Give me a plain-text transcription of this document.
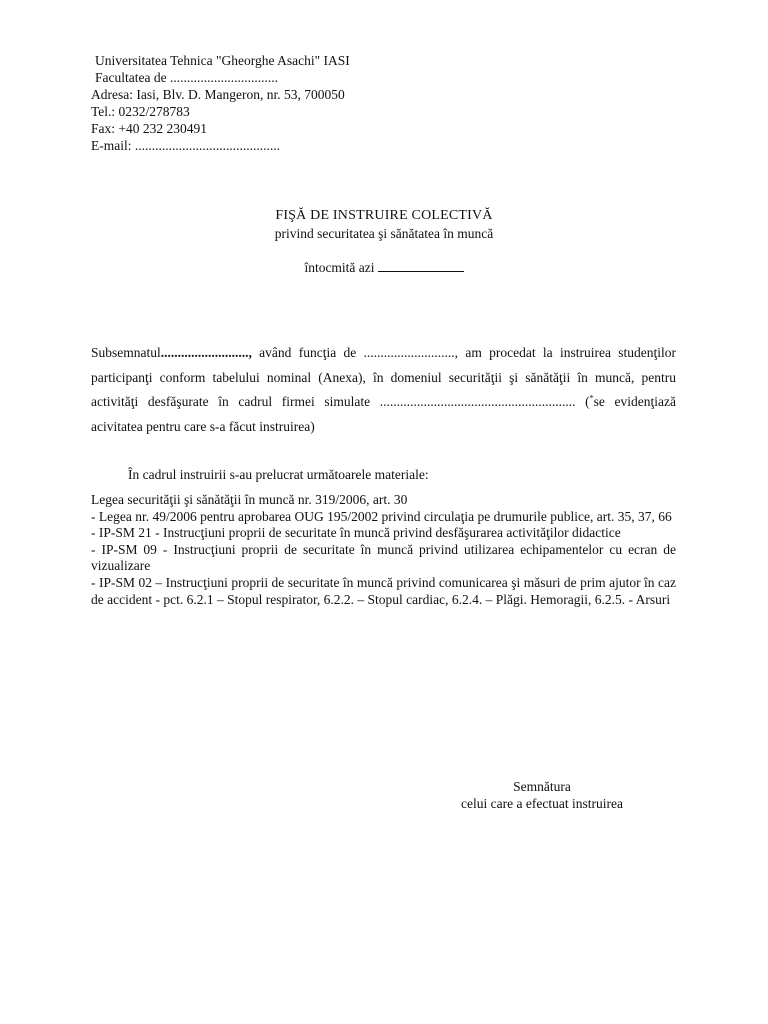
Universitatea Tehnica "Gheorghe Asachi" IASI
Facultatea de ................................
Adresa: Iasi, Blv. D. Mangeron, nr. 53, 700050
Tel.: 0232/278783
Fax: +40 232 230491
E-mail: ...........................................
FIŞĂ DE INSTRUIRE COLECTIVĂ
privind securitatea şi sănătatea în muncă
întocmită azi
Subsemnatul.........................., având funcţia de ..........................., am procedat la instruirea studenţilor participanţi conform tabelului nominal (Anexa), în domeniul securităţii şi sănătăţii în muncă, pentru activităţi desfăşurate în cadrul firmei simulate .......................................................... (*se evidenţiază acivitatea pentru care s-a făcut instruirea)
În cadrul instruirii s-au prelucrat următoarele materiale:
Legea securităţii şi sănătăţii în muncă nr. 319/2006, art. 30
- Legea nr. 49/2006 pentru aprobarea OUG 195/2002 privind circulaţia pe drumurile publice, art. 35, 37, 66
- IP-SM 21 - Instrucţiuni proprii de securitate în muncă privind desfăşurarea activităţilor didactice
- IP-SM 09 - Instrucţiuni proprii de securitate în muncă privind utilizarea echipamentelor cu ecran de vizualizare
- IP-SM 02 – Instrucţiuni proprii de securitate în muncă privind comunicarea şi măsuri de prim ajutor în caz de accident - pct. 6.2.1 – Stopul respirator, 6.2.2. – Stopul cardiac, 6.2.4. – Plăgi. Hemoragii, 6.2.5. - Arsuri
Semnătura
celui care a efectuat instruirea
